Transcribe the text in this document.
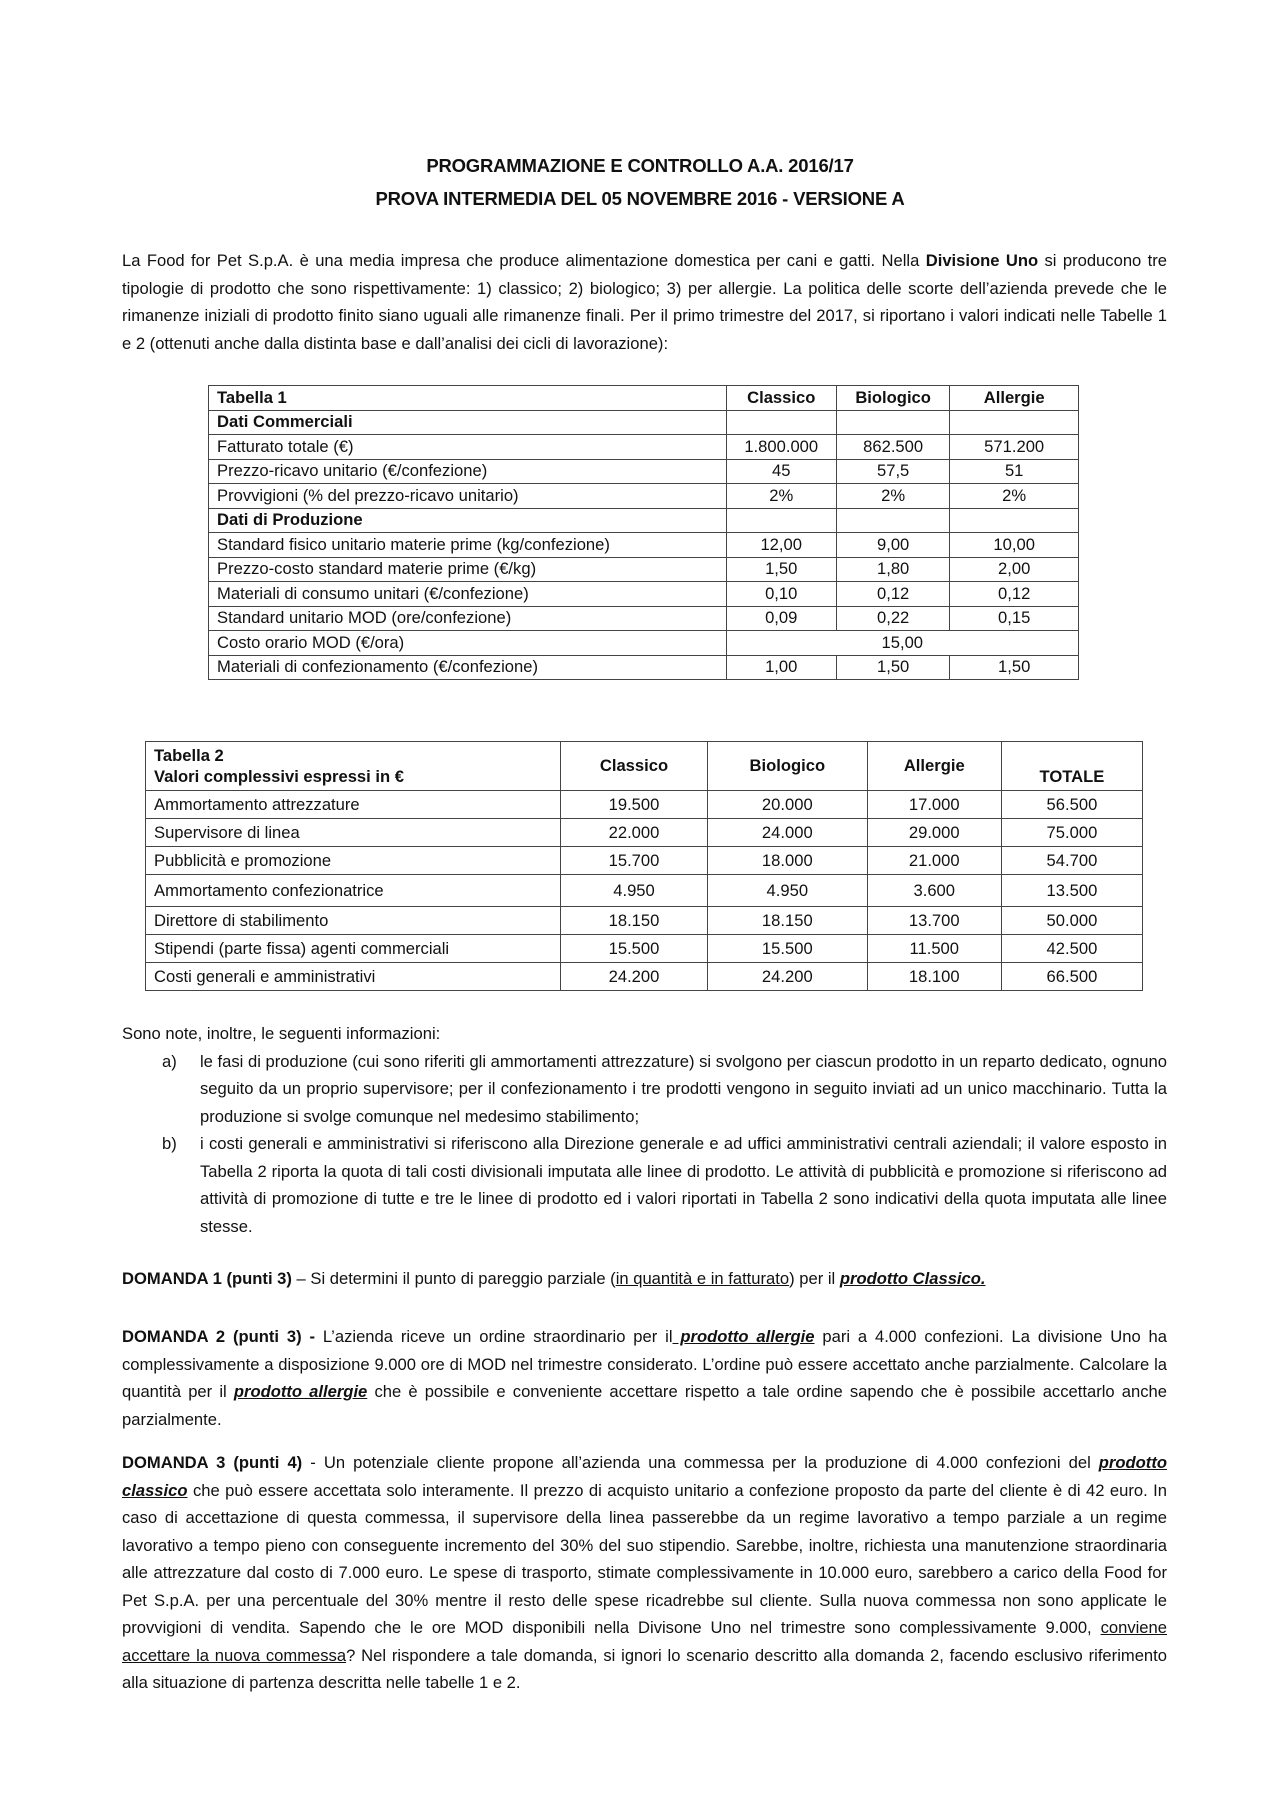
PROGRAMMAZIONE E CONTROLLO A.A. 2016/17
PROVA INTERMEDIA DEL 05 NOVEMBRE 2016 - VERSIONE A

La Food for Pet S.p.A. è una media impresa che produce alimentazione domestica per cani e gatti. Nella Divisione Uno si producono tre tipologie di prodotto che sono rispettivamente: 1) classico; 2) biologico; 3) per allergie. La politica delle scorte dell’azienda prevede che le rimanenze iniziali di prodotto finito siano uguali alle rimanenze finali. Per il primo trimestre del 2017, si riportano i valori indicati nelle Tabelle 1 e 2 (ottenuti anche dalla distinta base e dall’analisi dei cicli di lavorazione):

Tabella 1	Classico	Biologico	Allergie
Dati Commerciali			
Fatturato totale (€)	1.800.000	862.500	571.200
Prezzo-ricavo unitario (€/confezione)	45	57,5	51
Provvigioni (% del prezzo-ricavo unitario)	2%	2%	2%
Dati di Produzione			
Standard fisico unitario materie prime (kg/confezione)	12,00	9,00	10,00
Prezzo-costo standard materie prime (€/kg)	1,50	1,80	2,00
Materiali di consumo unitari (€/confezione)	0,10	0,12	0,12
Standard unitario MOD (ore/confezione)	0,09	0,22	0,15
Costo orario MOD (€/ora)	15,00		
Materiali di confezionamento (€/confezione)	1,00	1,50	1,50
Tabella 2
Valori complessivi espressi in €	Classico	Biologico	Allergie	TOTALE
Ammortamento attrezzature	19.500	20.000	17.000	56.500
Supervisore di linea	22.000	24.000	29.000	75.000
Pubblicità e promozione	15.700	18.000	21.000	54.700
Ammortamento confezionatrice	4.950	4.950	3.600	13.500
Direttore di stabilimento	18.150	18.150	13.700	50.000
Stipendi (parte fissa) agenti commerciali	15.500	15.500	11.500	42.500
Costi generali e amministrativi	24.200	24.200	18.100	66.500
Sono note, inoltre, le seguenti informazioni:
a) le fasi di produzione (cui sono riferiti gli ammortamenti attrezzature) si svolgono per ciascun prodotto in un reparto dedicato, ognuno seguito da un proprio supervisore; per il confezionamento i tre prodotti vengono in seguito inviati ad un unico macchinario. Tutta la produzione si svolge comunque nel medesimo stabilimento;
b) i costi generali e amministrativi si riferiscono alla Direzione generale e ad uffici amministrativi centrali aziendali; il valore esposto in Tabella 2 riporta la quota di tali costi divisionali imputata alle linee di prodotto. Le attività di pubblicità e promozione si riferiscono ad attività di promozione di tutte e tre le linee di prodotto ed i valori riportati in Tabella 2 sono indicativi della quota imputata alle linee stesse.

DOMANDA 1 (punti 3) – Si determini il punto di pareggio parziale (in quantità e in fatturato) per il prodotto Classico.

DOMANDA 2 (punti 3) - L’azienda riceve un ordine straordinario per il prodotto allergie pari a 4.000 confezioni. La divisione Uno ha complessivamente a disposizione 9.000 ore di MOD nel trimestre considerato. L’ordine può essere accettato anche parzialmente. Calcolare la quantità per il prodotto allergie che è possibile e conveniente accettare rispetto a tale ordine sapendo che è possibile accettarlo anche parzialmente.

DOMANDA 3 (punti 4) - Un potenziale cliente propone all’azienda una commessa per la produzione di 4.000 confezioni del prodotto classico che può essere accettata solo interamente. Il prezzo di acquisto unitario a confezione proposto da parte del cliente è di 42 euro. In caso di accettazione di questa commessa, il supervisore della linea passerebbe da un regime lavorativo a tempo parziale a un regime lavorativo a tempo pieno con conseguente incremento del 30% del suo stipendio. Sarebbe, inoltre, richiesta una manutenzione straordinaria alle attrezzature dal costo di 7.000 euro. Le spese di trasporto, stimate complessivamente in 10.000 euro, sarebbero a carico della Food for Pet S.p.A. per una percentuale del 30% mentre il resto delle spese ricadrebbe sul cliente. Sulla nuova commessa non sono applicate le provvigioni di vendita. Sapendo che le ore MOD disponibili nella Divisone Uno nel trimestre sono complessivamente 9.000, conviene accettare la nuova commessa? Nel rispondere a tale domanda, si ignori lo scenario descritto alla domanda 2, facendo esclusivo riferimento alla situazione di partenza descritta nelle tabelle 1 e 2.
